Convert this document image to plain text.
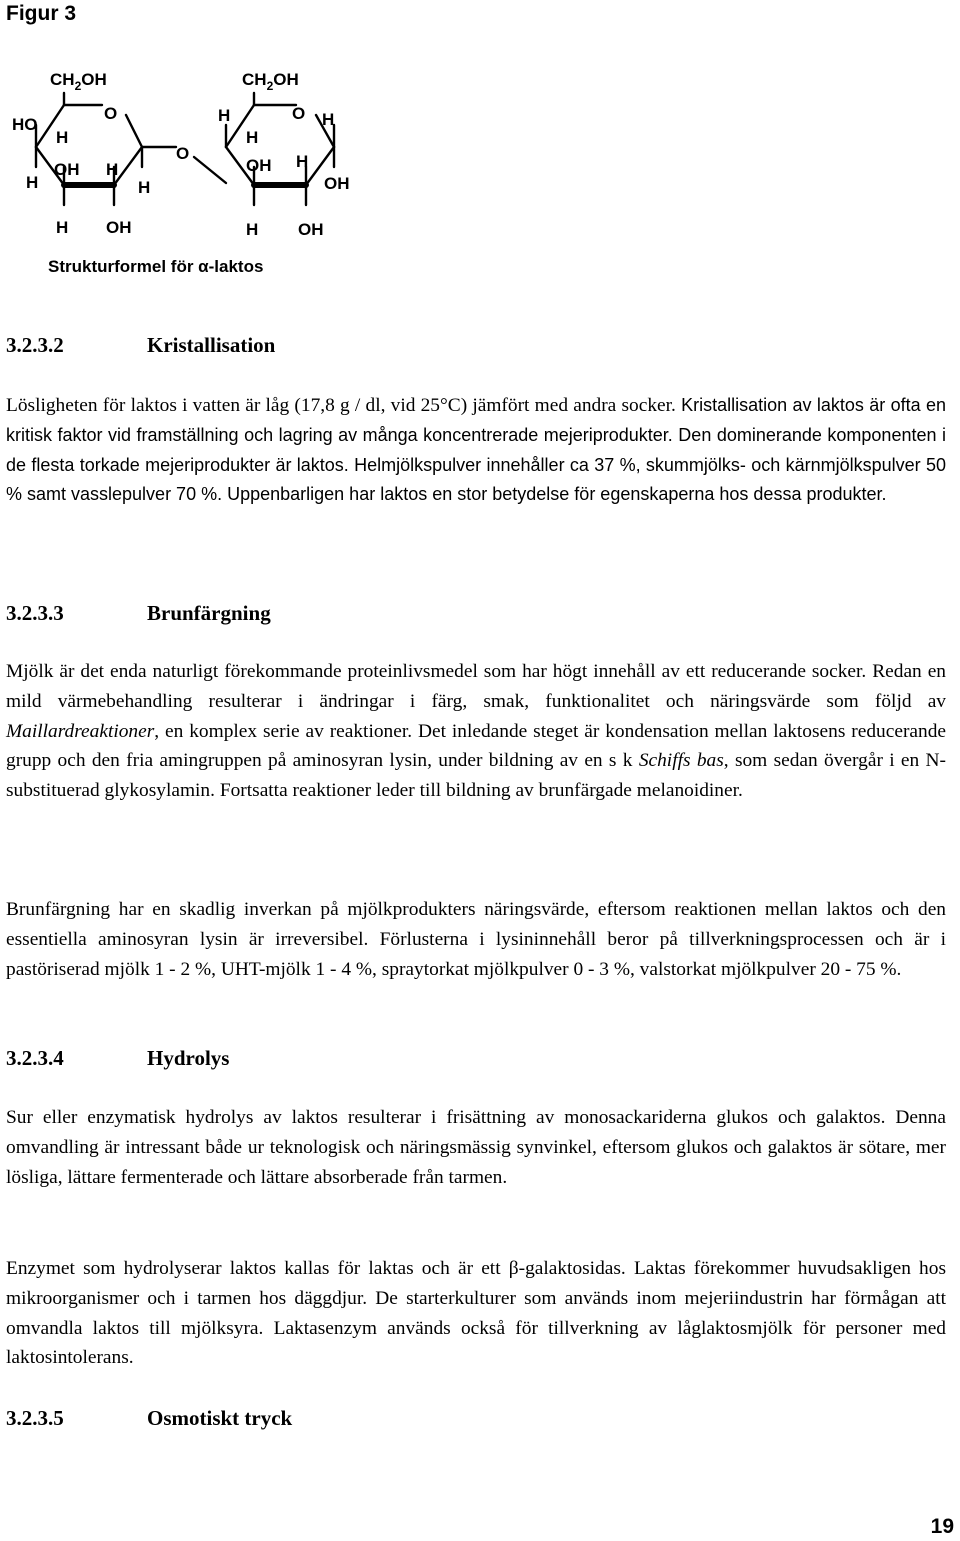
Figur 3
$CH_2OH$
O
HO
H
OH H
H	H
H OH
O
$CH_2OH$
H
H
O H
OH H
OH
H OH
Strukturformel för α-laktos
3.2.3.2	Kristallisation

Lösligheten för laktos i vatten är låg (17,8 g / dl, vid 25°C) jämfört med andra socker. Kristallisation av laktos är ofta en kritisk faktor vid framställning och lagring av många koncentrerade mejeriprodukter. Den dominerande komponenten i de flesta torkade mejeriprodukter är laktos. Helmjölkspulver innehåller ca 37 %, skummjölks- och kärnmjölkspulver 50 % samt vasslepulver 70 %. Uppenbarligen har laktos en stor betydelse för egenskaperna hos dessa produkter.

3.2.3.3	Brunfärgning

Mjölk är det enda naturligt förekommande proteinlivsmedel som har högt innehåll av ett reducerande socker. Redan en mild värmebehandling resulterar i ändringar i färg, smak, funktionalitet och näringsvärde som följd av Maillardreaktioner, en komplex serie av reaktioner. Det inledande steget är kondensation mellan laktosens reducerande grupp och den fria amingruppen på aminosyran lysin, under bildning av en s k Schiffs bas, som sedan övergår i en N-substituerad glykosylamin. Fortsatta reaktioner leder till bildning av brunfärgade melanoidiner.

Brunfärgning har en skadlig inverkan på mjölkprodukters näringsvärde, eftersom reaktionen mellan laktos och den essentiella aminosyran lysin är irreversibel. Förlusterna i lysininnehåll beror på tillverkningsprocessen och är i pastöriserad mjölk 1 - 2 %, UHT-mjölk 1 - 4 %, spraytorkat mjölkpulver 0 - 3 %, valstorkat mjölkpulver 20 - 75 %.

3.2.3.4	Hydrolys

Sur eller enzymatisk hydrolys av laktos resulterar i frisättning av monosackariderna glukos och galaktos. Denna omvandling är intressant både ur teknologisk och näringsmässig synvinkel, eftersom glukos och galaktos är sötare, mer lösliga, lättare fermenterade och lättare absorberade från tarmen.

Enzymet som hydrolyserar laktos kallas för laktas och är ett β-galaktosidas. Laktas förekommer huvudsakligen hos mikroorganismer och i tarmen hos däggdjur. De starterkulturer som används inom mejeriindustrin har förmågan att omvandla laktos till mjölksyra. Laktasenzym används också för tillverkning av låglaktosmjölk för personer med laktosintolerans.

3.2.3.5	Osmotiskt tryck
19
